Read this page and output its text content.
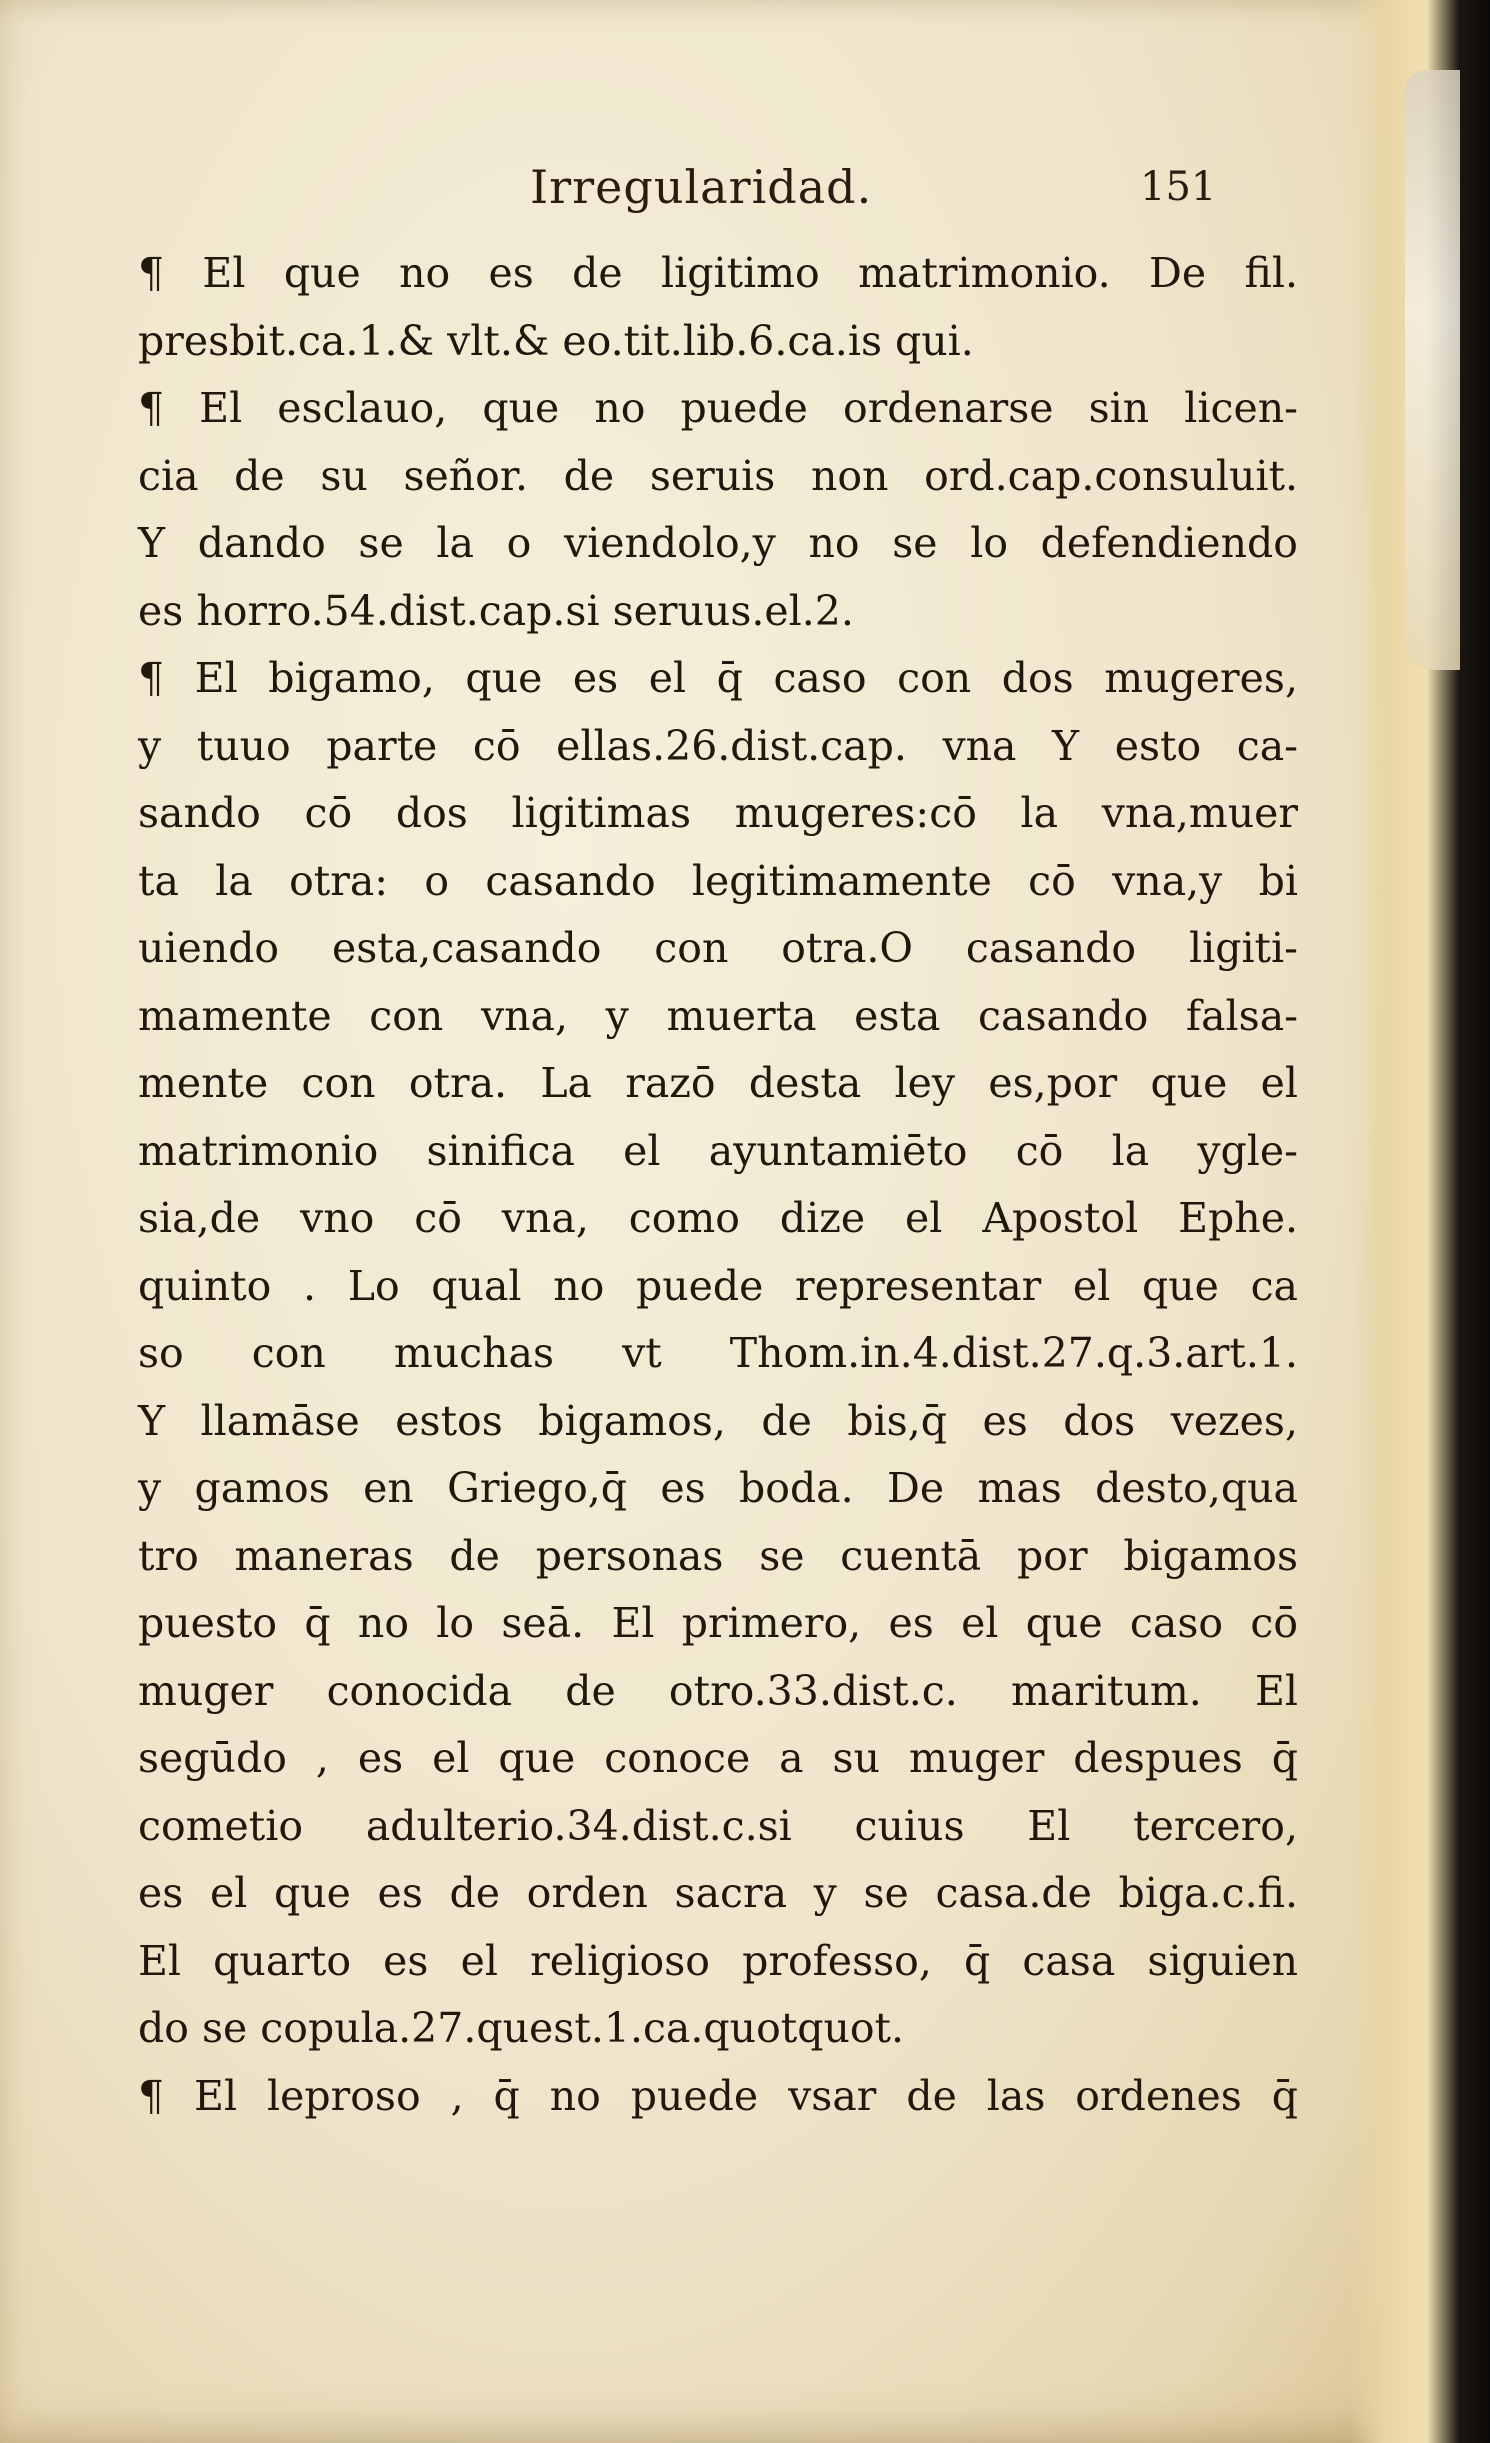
Irregularidad.	151
¶ El que no es de ligitimo matrimonio. De fil.
presbit.ca.1.& vlt.& eo.tit.lib.6.ca.is qui.
¶ El esclauo, que no puede ordenarse sin licen-
cia de su señor. de seruis non ord.cap.consuluit.
Y dando se la o viendolo,y no se lo defendiendo
es horro.54.dist.cap.si seruus.el.2.
¶ El bigamo, que es el q̄ caso con dos mugeres,
y tuuo parte cō ellas.26.dist.cap. vna Y esto ca-
sando cō dos ligitimas mugeres:cō la vna,muer
ta la otra: o casando legitimamente cō vna,y bi
uiendo esta,casando con otra.O casando ligiti-
mamente con vna, y muerta esta casando falsa-
mente con otra. La razō desta ley es,por que el
matrimonio sinifica el ayuntamiēto cō la ygle-
sia,de vno cō vna, como dize el Apostol Ephe.
quinto . Lo qual no puede representar el que ca
so con muchas vt Thom.in.4.dist.27.q.3.art.1.
Y llamāse estos bigamos, de bis,q̄ es dos vezes,
y gamos en Griego,q̄ es boda. De mas desto,qua
tro maneras de personas se cuentā por bigamos
puesto q̄ no lo seā. El primero, es el que caso cō
muger conocida de otro.33.dist.c. maritum. El
segūdo , es el que conoce a su muger despues q̄
cometio adulterio.34.dist.c.si cuius El tercero,
es el que es de orden sacra y se casa.de biga.c.fi.
El quarto es el religioso professo, q̄ casa siguien
do se copula.27.quest.1.ca.quotquot.
¶ El leproso , q̄ no puede vsar de las ordenes q̄
